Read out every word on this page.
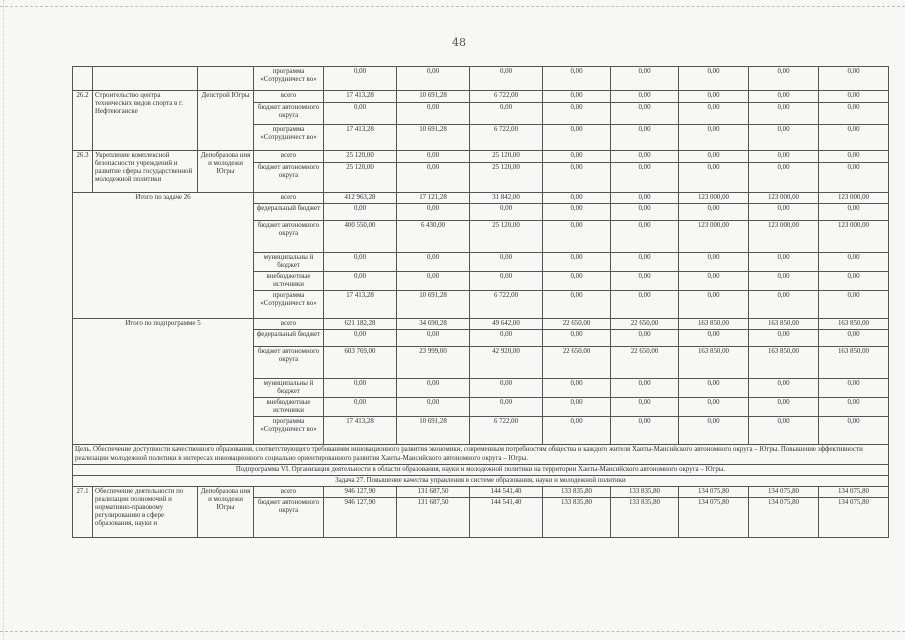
48
			программа «Сотрудничест во»	0,00	0,00	0,00	0,00	0,00	0,00	0,00	0,00
26.2	Строительство центра технических видов спорта в г. Нефтеюганске	Депстрой Югры	всего	17 413,28	10 691,28	6 722,00	0,00	0,00	0,00	0,00	0,00
			бюджет автономного округа	0,00	0,00	0,00	0,00	0,00	0,00	0,00	0,00
			программа «Сотрудничест во»	17 413,28	10 691,28	6 722,00	0,00	0,00	0,00	0,00	0,00
26.3	Укрепление комплексной безопасности учреждений и развитие сферы государственной молодежной политики	Депобразова ния и молодежи Югры	всего	25 120,00	0,00	25 120,00	0,00	0,00	0,00	0,00	0,00
			бюджет автономного округа	25 120,00	0,00	25 120,00	0,00	0,00	0,00	0,00	0,00
Итого по задаче 26			всего	412 963,28	17 121,28	31 842,00	0,00	0,00	123 000,00	123 000,00	123 000,00
			федеральный бюджет	0,00	0,00	0,00	0,00	0,00	0,00	0,00	0,00
			бюджет автономного округа	400 550,00	6 430,00	25 120,00	0,00	0,00	123 000,00	123 000,00	123 000,00
			муниципальны й бюджет	0,00	0,00	0,00	0,00	0,00	0,00	0,00	0,00
			внебюджетные источники	0,00	0,00	0,00	0,00	0,00	0,00	0,00	0,00
			программа «Сотрудничест во»	17 413,28	10 691,28	6 722,00	0,00	0,00	0,00	0,00	0,00
Итого по подпрограмме 5			всего	621 182,28	34 690,28	49 642,00	22 650,00	22 650,00	163 850,00	163 850,00	163 850,00
			федеральный бюджет	0,00	0,00	0,00	0,00	0,00	0,00	0,00	0,00
			бюджет автономного округа	603 769,00	23 999,00	42 920,00	22 650,00	22 650,00	163 850,00	163 850,00	163 850,00
			муниципальны й бюджет	0,00	0,00	0,00	0,00	0,00	0,00	0,00	0,00
			внебюджетные источники	0,00	0,00	0,00	0,00	0,00	0,00	0,00	0,00
			программа «Сотрудничест во»	17 413,28	10 691,28	6 722,00	0,00	0,00	0,00	0,00	0,00
Цель. Обеспечение доступности качественного образования, соответствующего требованиям инновационного развития экономики, современным потребностям общества и каждого жителя Ханты-Мансийского автономного округа – Югры. Повышение эффективности реализации молодежной политики в интересах инновационного социально ориентированного развития Ханты-Мансийского автономного округа – Югры.											
Подпрограмма VI. Организация деятельности в области образования, науки и молодежной политики на территории Ханты-Мансийского автономного округа – Югры.											
Задача 27. Повышение качества управления в системе образования, науки и молодежной политики											
27.1	Обеспечение деятельности по реализации полномочий и нормативно-правовому регулированию в сфере образования, науки и	Депобразова ния и молодежи Югры	всего	946 127,90	131 687,50	144 541,40	133 835,80	133 835,80	134 075,80	134 075,80	134 075,80
			бюджет автономного округа	946 127,90	131 687,50	144 541,40	133 835,80	133 835,80	134 075,80	134 075,80	134 075,80
